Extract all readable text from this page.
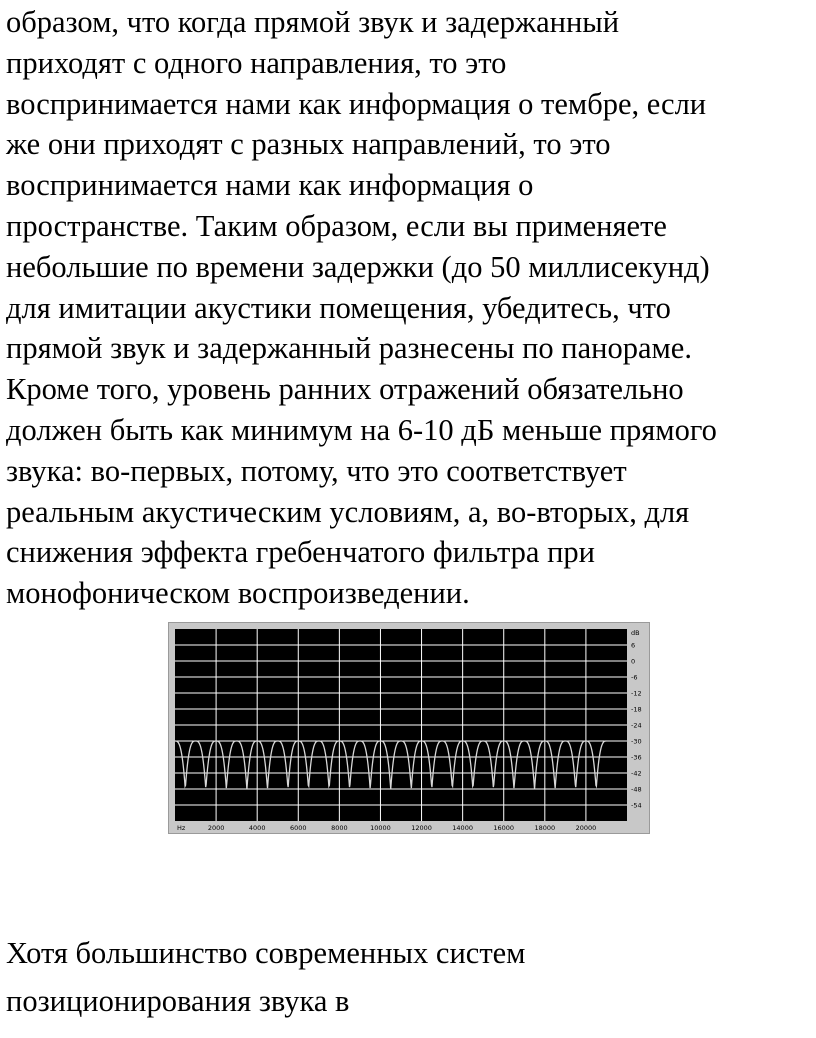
образом, что когда прямой звук и задержанный
приходят с одного направления, то это
воспринимается нами как информация о тембре, если
же они приходят с разных направлений, то это
воспринимается нами как информация о
пространстве. Таким образом, если вы применяете
небольшие по времени задержки (до 50 миллисекунд)
для имитации акустики помещения, убедитесь, что
прямой звук и задержанный разнесены по панораме.
Кроме того, уровень ранних отражений обязательно
должен быть как минимум на 6-10 дБ меньше прямого
звука: во-первых, потому, что это соответствует
реальным акустическим условиям, а, во-вторых, для
снижения эффекта гребенчатого фильтра при
монофоническом воспроизведении.

dB
6
0
-6
-12
-18
-24
-30
-36
-42
-48
-54
Hz	2000	4000	6000	8000	10000	12000	14000	16000	18000	20000

Хотя большинство современных систем
позиционирования звука в
